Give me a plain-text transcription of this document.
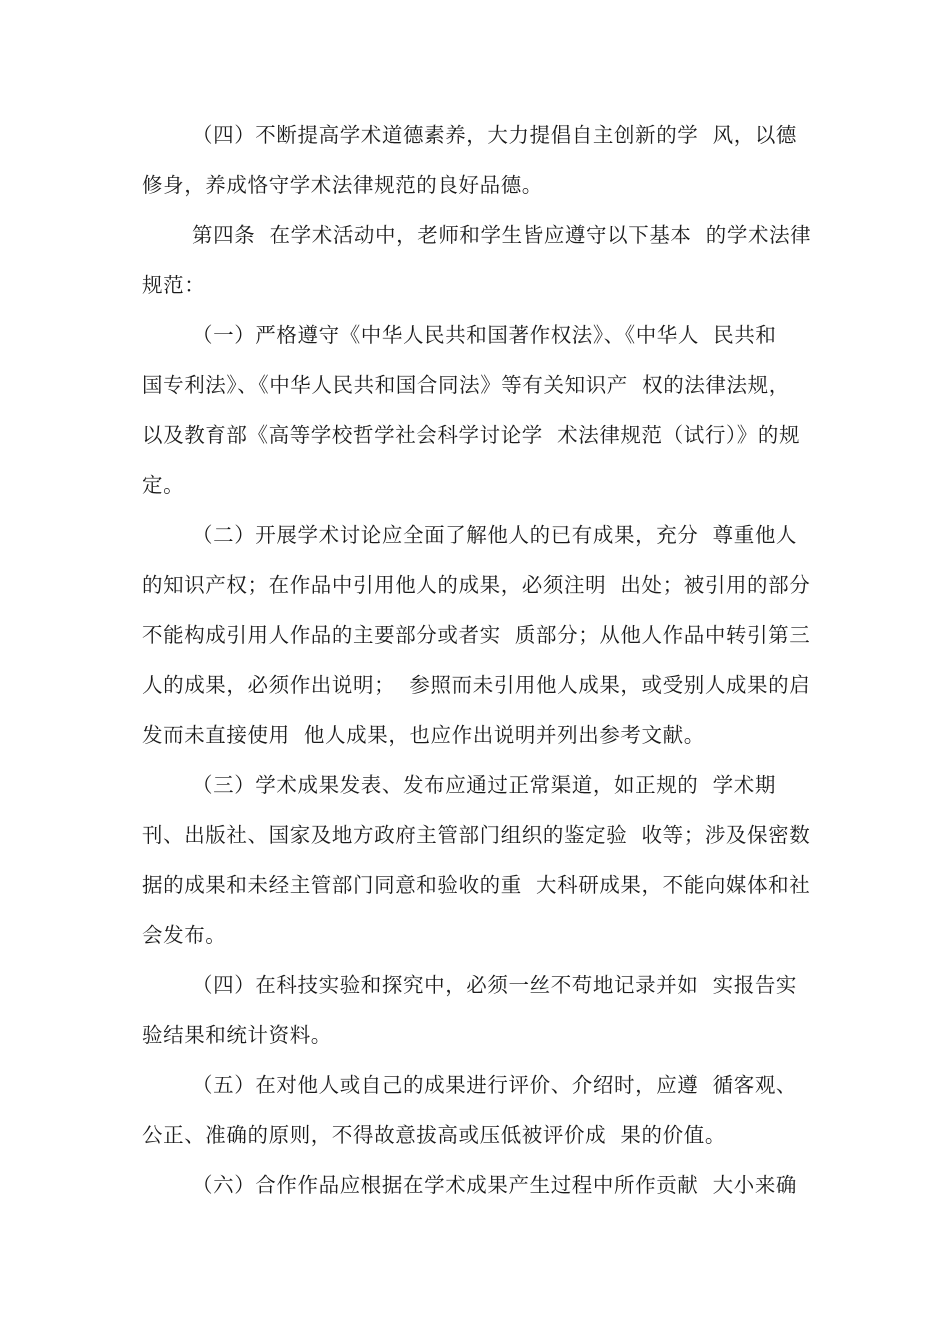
（四）不断提高学术道德素养，大力提倡自主创新的学  风，以德
修身，养成恪守学术法律规范的良好品德。
第四条  在学术活动中，老师和学生皆应遵守以下基本  的学术法律
规范：
（一）严格遵守《中华人民共和国著作权法》、《中华人  民共和
国专利法》、《中华人民共和国合同法》等有关知识产  权的法律法规，
以及教育部《高等学校哲学社会科学讨论学  术法律规范（试行）》的规
定。
（二）开展学术讨论应全面了解他人的已有成果，充分  尊重他人
的知识产权；在作品中引用他人的成果，必须注明  出处；被引用的部分
不能构成引用人作品的主要部分或者实  质部分；从他人作品中转引第三
人的成果，必须作出说明；  参照而未引用他人成果，或受别人成果的启
发而未直接使用  他人成果，也应作出说明并列出参考文献。
（三）学术成果发表、发布应通过正常渠道，如正规的  学术期
刊、出版社、国家及地方政府主管部门组织的鉴定验  收等；涉及保密数
据的成果和未经主管部门同意和验收的重  大科研成果，不能向媒体和社
会发布。
（四）在科技实验和探究中，必须一丝不苟地记录并如  实报告实
验结果和统计资料。
（五）在对他人或自己的成果进行评价、介绍时，应遵  循客观、
公正、准确的原则，不得故意拔高或压低被评价成  果的价值。
（六）合作作品应根据在学术成果产生过程中所作贡献  大小来确
